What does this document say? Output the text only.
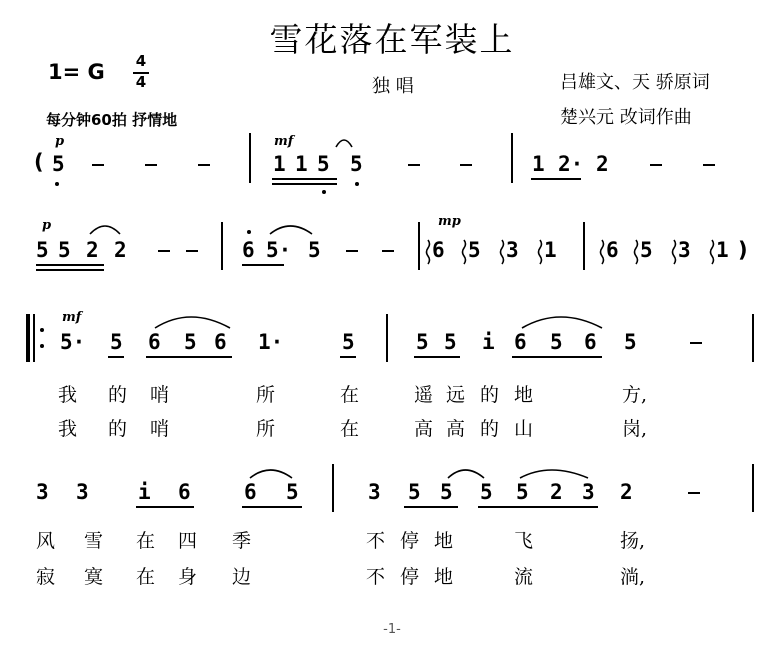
雪花落在军装上
1= G 4
4	独 唱	吕雄文、天 骄原词
楚兴元 改词作曲
每分钟60拍 抒情地
p
( 5
mf
1 1 5 5	1 2· 2
p
5 5 2 2	6 5· 5
mp
6 5 3 1 6 5 3 1 )
mf
5· 5 6 5 6 1·	5	5 5 i 6 5 6 5
我 的 哨	所	在	遥 远 的 地	方,
我 的 哨	所	在	高 高 的 山	岗,
3 3 i 6	6 5	3 5 5 5 5 2 3 2
风 雪 在 四 季	不 停 地	飞	扬,
寂 寞 在 身 边	不 停 地	流	淌,
-1-
